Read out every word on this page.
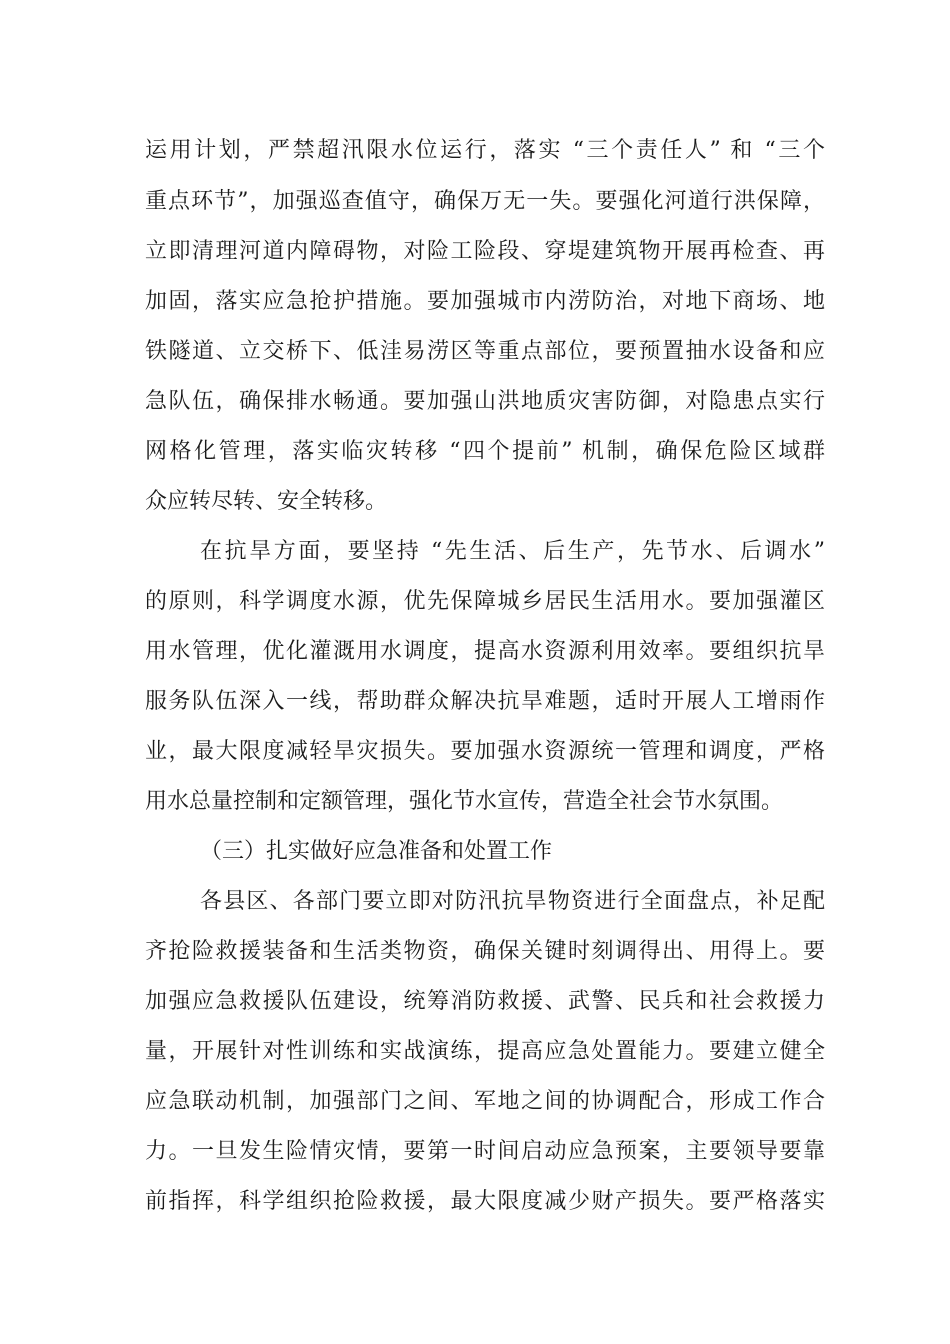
运用计划，严禁超汛限水位运行，落实 “三个责任人” 和 “三个
重点环节”，加强巡查值守，确保万无一失。要强化河道行洪保障，
立即清理河道内障碍物，对险工险段、穿堤建筑物开展再检查、再
加固，落实应急抢护措施。要加强城市内涝防治，对地下商场、地
铁隧道、立交桥下、低洼易涝区等重点部位，要预置抽水设备和应
急队伍，确保排水畅通。要加强山洪地质灾害防御，对隐患点实行
网格化管理，落实临灾转移 “四个提前” 机制，确保危险区域群
众应转尽转、安全转移。
在抗旱方面，要坚持 “先生活、后生产，先节水、后调水”
的原则，科学调度水源，优先保障城乡居民生活用水。要加强灌区
用水管理，优化灌溉用水调度，提高水资源利用效率。要组织抗旱
服务队伍深入一线，帮助群众解决抗旱难题，适时开展人工增雨作
业，最大限度减轻旱灾损失。要加强水资源统一管理和调度，严格
用水总量控制和定额管理，强化节水宣传，营造全社会节水氛围。
（三）扎实做好应急准备和处置工作
各县区、各部门要立即对防汛抗旱物资进行全面盘点，补足配
齐抢险救援装备和生活类物资，确保关键时刻调得出、用得上。要
加强应急救援队伍建设，统筹消防救援、武警、民兵和社会救援力
量，开展针对性训练和实战演练，提高应急处置能力。要建立健全
应急联动机制，加强部门之间、军地之间的协调配合，形成工作合
力。一旦发生险情灾情，要第一时间启动应急预案，主要领导要靠
前指挥，科学组织抢险救援，最大限度减少财产损失。要严格落实
